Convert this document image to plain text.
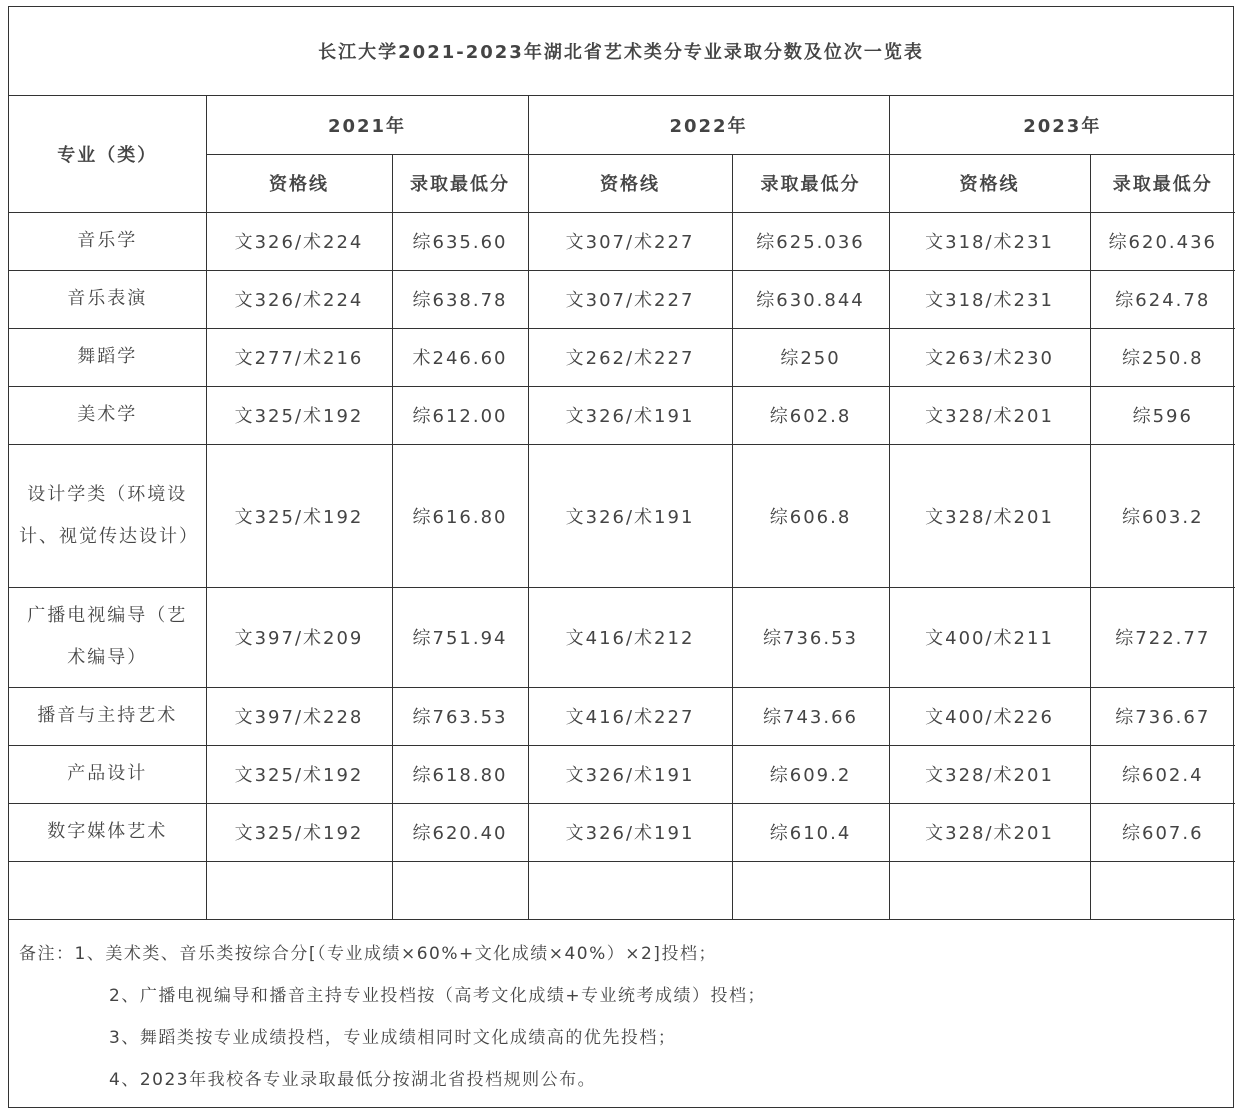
长江大学2021-2023年湖北省艺术类分专业录取分数及位次一览表
专业（类）	2021年		2022年		2023年	
	资格线	录取最低分	资格线	录取最低分	资格线	录取最低分
音乐学	文326/术224	综635.60	文307/术227	综625.036	文318/术231	综620.436
音乐表演	文326/术224	综638.78	文307/术227	综630.844	文318/术231	综624.78
舞蹈学	文277/术216	术246.60	文262/术227	综250	文263/术230	综250.8
美术学	文325/术192	综612.00	文326/术191	综602.8	文328/术201	综596
设计学类（环境设计、视觉传达设计）	文325/术192	综616.80	文326/术191	综606.8	文328/术201	综603.2
广播电视编导（艺术编导）	文397/术209	综751.94	文416/术212	综736.53	文400/术211	综722.77
播音与主持艺术	文397/术228	综763.53	文416/术227	综743.66	文400/术226	综736.67
产品设计	文325/术192	综618.80	文326/术191	综609.2	文328/术201	综602.4
数字媒体艺术	文325/术192	综620.40	文326/术191	综610.4	文328/术201	综607.6

备注：1、美术类、音乐类按综合分[（专业成绩×60%+文化成绩×40%）×2]投档；
2、广播电视编导和播音主持专业投档按（高考文化成绩+专业统考成绩）投档；
3、舞蹈类按专业成绩投档，专业成绩相同时文化成绩高的优先投档；
4、2023年我校各专业录取最低分按湖北省投档规则公布。
